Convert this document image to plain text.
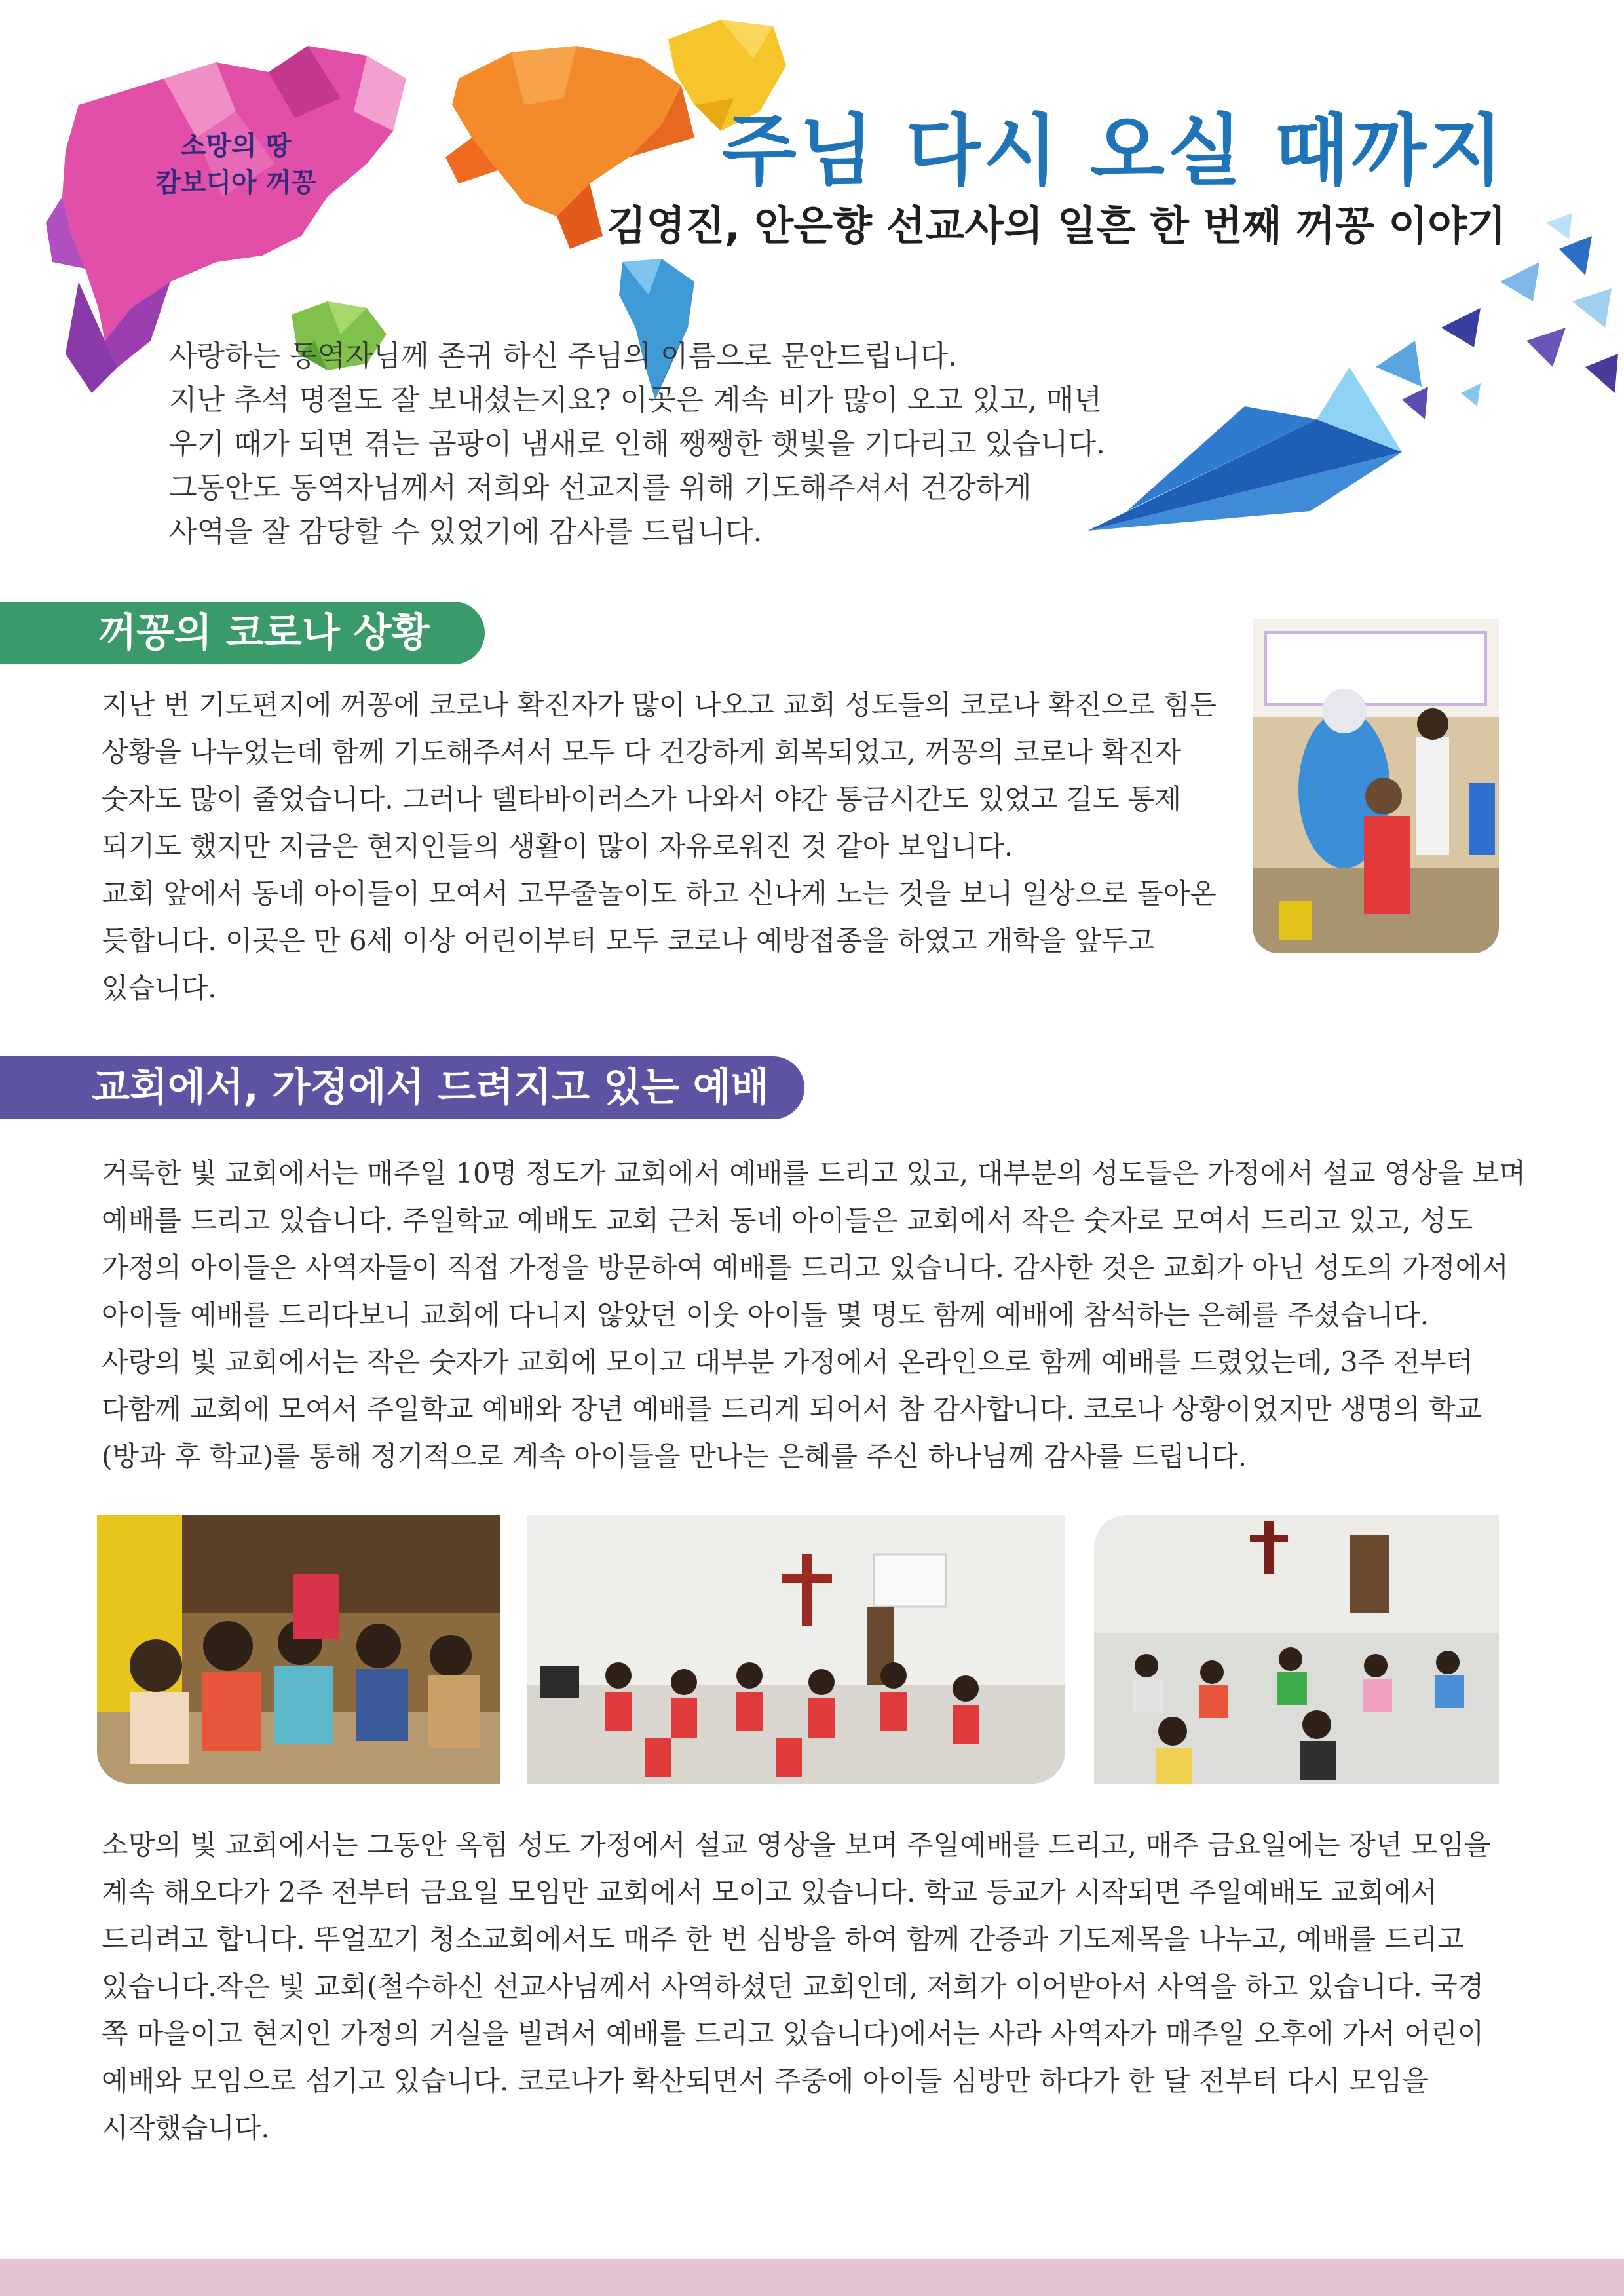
소망의 땅
캄보디아 꺼꽁	주님 다시 오실 때까지
김영진, 안은향 선교사의 일흔 한 번째 꺼꽁 이야기

사랑하는 동역자님께 존귀 하신 주님의 이름으로 문안드립니다.

지난 추석 명절도 잘 보내셨는지요? 이곳은 계속 비가 많이 오고 있고, 매년

우기 때가 되면 겪는 곰팡이 냄새로 인해 쨍쨍한 햇빛을 기다리고 있습니다.

그동안도 동역자님께서 저희와 선교지를 위해 기도해주셔서 건강하게

사역을 잘 감당할 수 있었기에 감사를 드립니다.

꺼꽁의 코로나 상황

지난 번 기도편지에 꺼꽁에 코로나 확진자가 많이 나오고 교회 성도들의 코로나 확진으로 힘든

상황을 나누었는데 함께 기도해주셔서 모두 다 건강하게 회복되었고, 꺼꽁의 코로나 확진자

숫자도 많이 줄었습니다. 그러나 델타바이러스가 나와서 야간 통금시간도 있었고 길도 통제

되기도 했지만 지금은 현지인들의 생활이 많이 자유로워진 것 같아 보입니다.

교회 앞에서 동네 아이들이 모여서 고무줄놀이도 하고 신나게 노는 것을 보니 일상으로 돌아온

듯합니다. 이곳은 만 6세 이상 어린이부터 모두 코로나 예방접종을 하였고 개학을 앞두고

있습니다.

교회에서, 가정에서 드려지고 있는 예배

거룩한 빛 교회에서는 매주일 10명 정도가 교회에서 예배를 드리고 있고, 대부분의 성도들은 가정에서 설교 영상을 보며

예배를 드리고 있습니다. 주일학교 예배도 교회 근처 동네 아이들은 교회에서 작은 숫자로 모여서 드리고 있고, 성도

가정의 아이들은 사역자들이 직접 가정을 방문하여 예배를 드리고 있습니다. 감사한 것은 교회가 아닌 성도의 가정에서

아이들 예배를 드리다보니 교회에 다니지 않았던 이웃 아이들 몇 명도 함께 예배에 참석하는 은혜를 주셨습니다.

사랑의 빛 교회에서는 작은 숫자가 교회에 모이고 대부분 가정에서 온라인으로 함께 예배를 드렸었는데, 3주 전부터

다함께 교회에 모여서 주일학교 예배와 장년 예배를 드리게 되어서 참 감사합니다. 코로나 상황이었지만 생명의 학교

(방과 후 학교)를 통해 정기적으로 계속 아이들을 만나는 은혜를 주신 하나님께 감사를 드립니다.

소망의 빛 교회에서는 그동안 옥힘 성도 가정에서 설교 영상을 보며 주일예배를 드리고, 매주 금요일에는 장년 모임을

계속 해오다가 2주 전부터 금요일 모임만 교회에서 모이고 있습니다. 학교 등교가 시작되면 주일예배도 교회에서

드리려고 합니다. 뚜얼꼬기 청소교회에서도 매주 한 번 심방을 하여 함께 간증과 기도제목을 나누고, 예배를 드리고

있습니다.작은 빛 교회(철수하신 선교사님께서 사역하셨던 교회인데, 저희가 이어받아서 사역을 하고 있습니다. 국경

쪽 마을이고 현지인 가정의 거실을 빌려서 예배를 드리고 있습니다)에서는 사라 사역자가 매주일 오후에 가서 어린이

예배와 모임으로 섬기고 있습니다. 코로나가 확산되면서 주중에 아이들 심방만 하다가 한 달 전부터 다시 모임을

시작했습니다.
